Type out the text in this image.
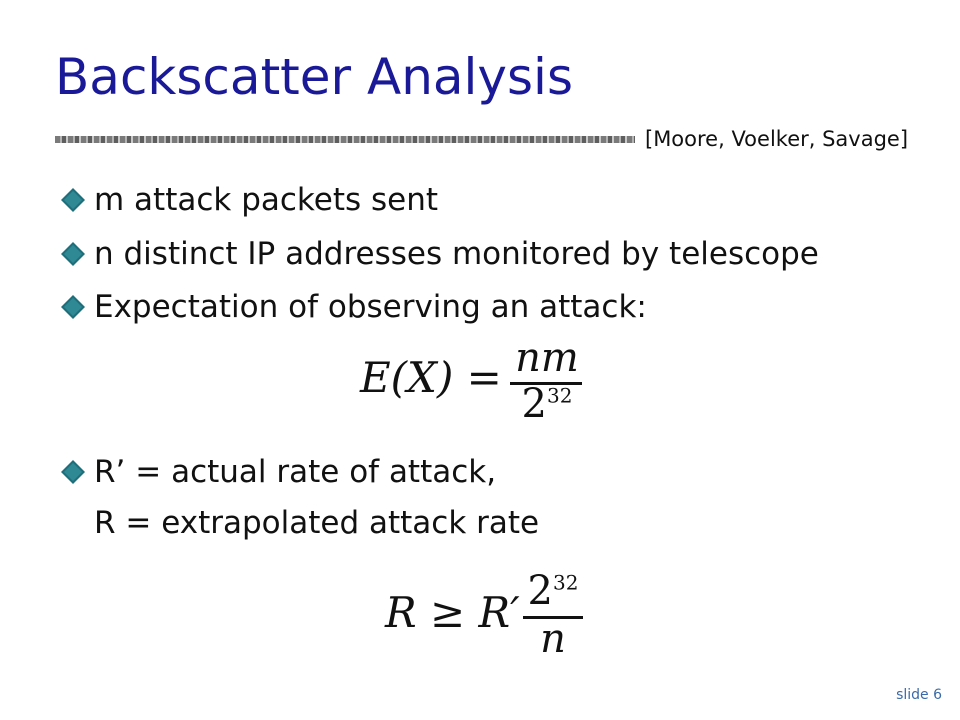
Backscatter Analysis
[Moore, Voelker, Savage]
m attack packets sent
n distinct IP addresses monitored by telescope
Expectation of observing an attack:
E(X) = nm
$2^{32}$
R’ = actual rate of attack,
R = extrapolated attack rate
R ≥ R′ $2^{32}$
n
slide 6
